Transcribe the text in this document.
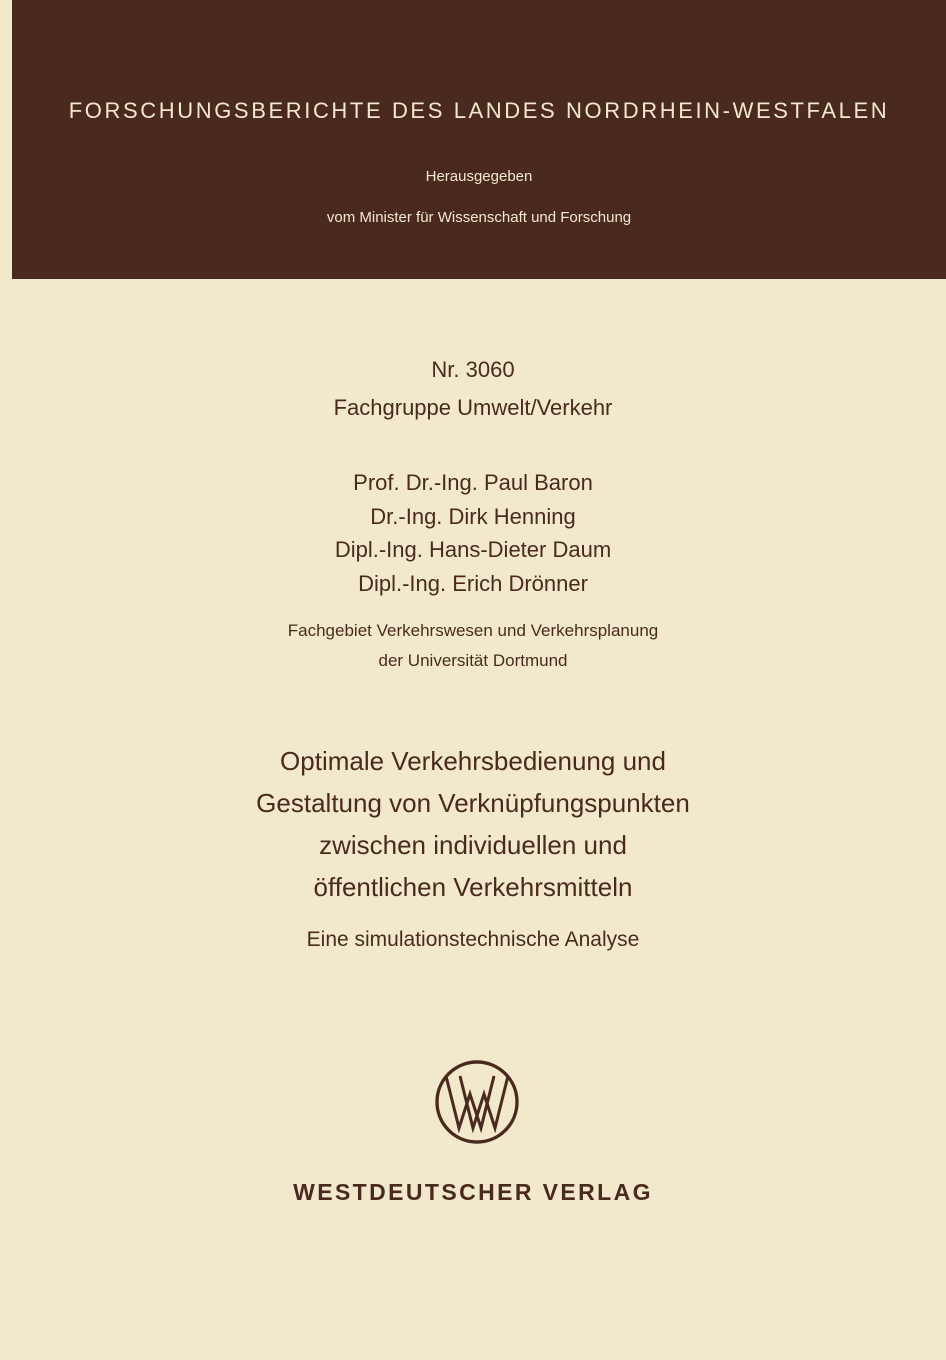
FORSCHUNGSBERICHTE DES LANDES NORDRHEIN-WESTFALEN
Herausgegeben
vom Minister für Wissenschaft und Forschung
Nr. 3060
Fachgruppe Umwelt/Verkehr
Prof. Dr.-Ing. Paul Baron
Dr.-Ing. Dirk Henning
Dipl.-Ing. Hans-Dieter Daum
Dipl.-Ing. Erich Drönner
Fachgebiet Verkehrswesen und Verkehrsplanung
der Universität Dortmund
Optimale Verkehrsbedienung und
Gestaltung von Verknüpfungspunkten
zwischen individuellen und
öffentlichen Verkehrsmitteln
Eine simulationstechnische Analyse
WESTDEUTSCHER VERLAG
